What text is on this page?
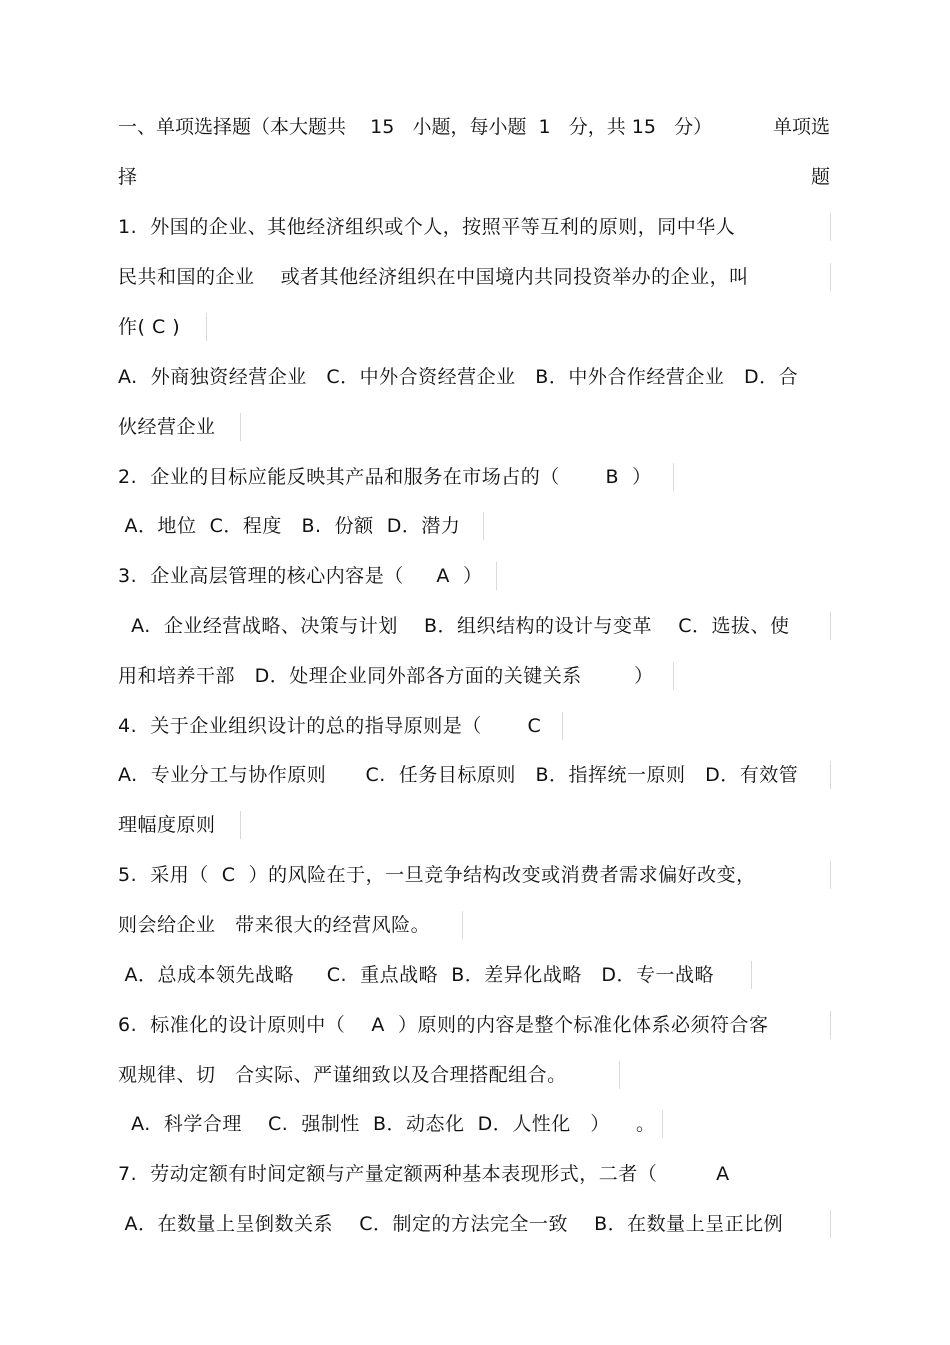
一、单项选择题（本大题共    15   小题，每小题  1   分，共 15   分）	单项选
择	题
1.  外国的企业、其他经济组织或个人，按照平等互利的原则，同中华人
民共和国的企业    或者其他经济组织在中国境内共同投资举办的企业，叫
作( C )
A.  外商独资经营企业   C．中外合资经营企业   B．中外合作经营企业   D．合
伙经营企业
2.  企业的目标应能反映其产品和服务在市场占的（       B  ）
A．地位  C．程度   B.  份额  D．潜力
3.  企业高层管理的核心内容是（     A  ）
A.  企业经营战略、决策与计划    B．组织结构的设计与变革    C．选拔、使
用和培养干部   D．处理企业同外部各方面的关键关系        ）
4.  关于企业组织设计的总的指导原则是（       C
A.  专业分工与协作原则      C.  任务目标原则   B．指挥统一原则   D．有效管
理幅度原则
5.  采用（  C  ）的风险在于，一旦竞争结构改变或消费者需求偏好改变，
则会给企业   带来很大的经营风险。
A．总成本领先战略     C.  重点战略  B．差异化战略   D．专一战略
6.  标准化的设计原则中（    A  ）原则的内容是整个标准化体系必须符合客
观规律、切   合实际、严谨细致以及合理搭配组合。
A.  科学合理    C.  强制性  B．动态化  D．人性化   ）    。
7.  劳动定额有时间定额与产量定额两种基本表现形式，二者（         A
A．在数量上呈倒数关系    C．制定的方法完全一致    B．在数量上呈正比例
